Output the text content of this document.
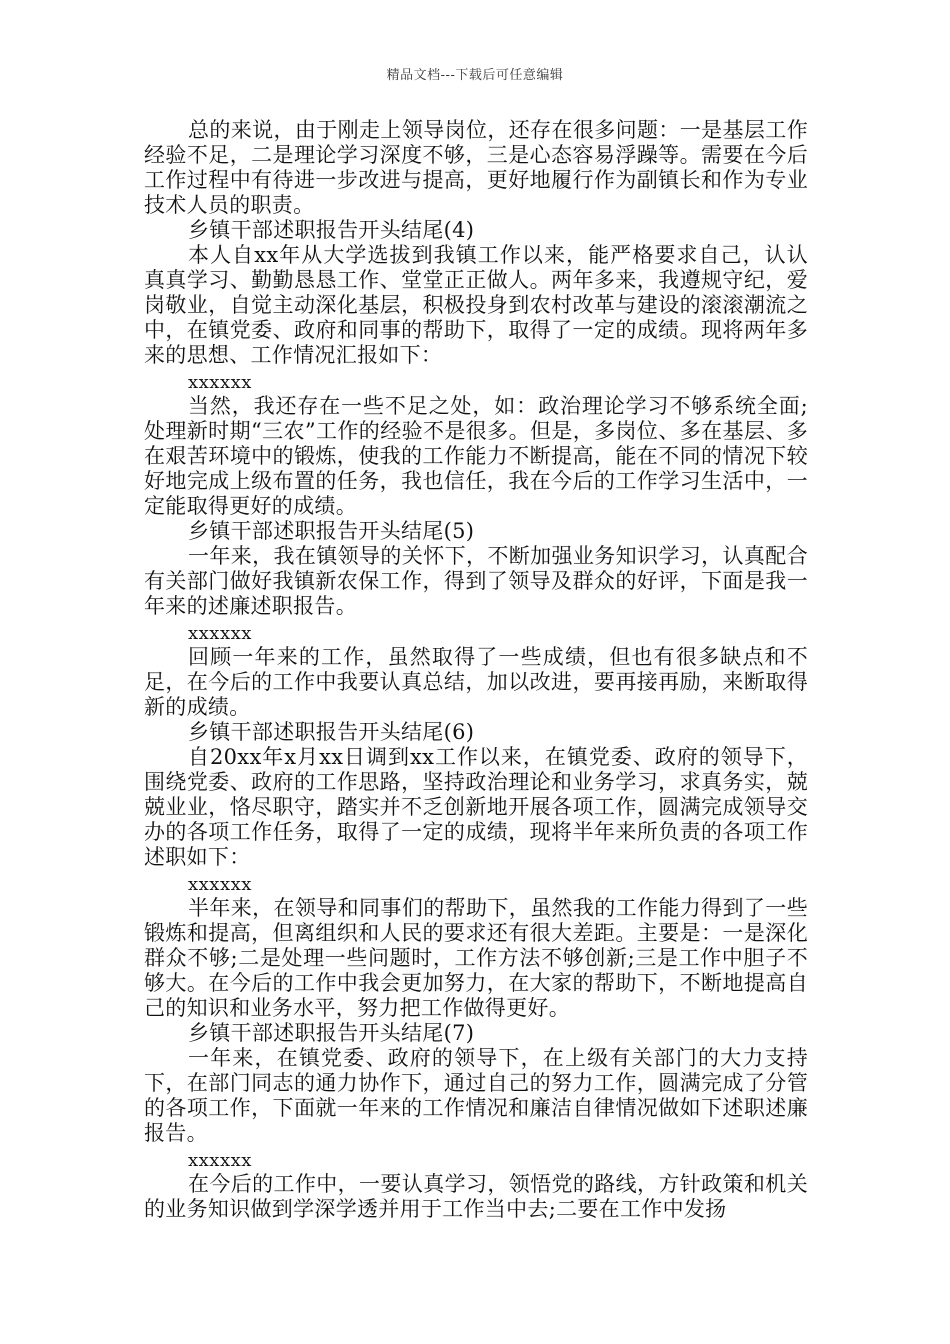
精品文档---下载后可任意编辑

总的来说，由于刚走上领导岗位，还存在很多问题：一是基层工作经验不足，二是理论学习深度不够，三是心态容易浮躁等。需要在今后工作过程中有待进一步改进与提高，更好地履行作为副镇长和作为专业技术人员的职责。

乡镇干部述职报告开头结尾(4)

本人自xx年从大学选拔到我镇工作以来，能严格要求自己，认认真真学习、勤勤恳恳工作、堂堂正正做人。两年多来，我遵规守纪，爱岗敬业，自觉主动深化基层，积极投身到农村改革与建设的滚滚潮流之中，在镇党委、政府和同事的帮助下，取得了一定的成绩。现将两年多来的思想、工作情况汇报如下：

xxxxxx

当然，我还存在一些不足之处，如：政治理论学习不够系统全面;处理新时期“三农”工作的经验不是很多。但是，多岗位、多在基层、多在艰苦环境中的锻炼，使我的工作能力不断提高，能在不同的情况下较好地完成上级布置的任务，我也信任，我在今后的工作学习生活中，一定能取得更好的成绩。

乡镇干部述职报告开头结尾(5)

一年来，我在镇领导的关怀下，不断加强业务知识学习，认真配合有关部门做好我镇新农保工作，得到了领导及群众的好评，下面是我一年来的述廉述职报告。

xxxxxx

回顾一年来的工作，虽然取得了一些成绩，但也有很多缺点和不足，在今后的工作中我要认真总结，加以改进，要再接再励，来断取得新的成绩。

乡镇干部述职报告开头结尾(6)

自20xx年x月xx日调到xx工作以来，在镇党委、政府的领导下，围绕党委、政府的工作思路，坚持政治理论和业务学习，求真务实，兢兢业业，恪尽职守，踏实并不乏创新地开展各项工作，圆满完成领导交办的各项工作任务，取得了一定的成绩，现将半年来所负责的各项工作述职如下：

xxxxxx

半年来，在领导和同事们的帮助下，虽然我的工作能力得到了一些锻炼和提高，但离组织和人民的要求还有很大差距。主要是：一是深化群众不够;二是处理一些问题时，工作方法不够创新;三是工作中胆子不够大。在今后的工作中我会更加努力，在大家的帮助下，不断地提高自己的知识和业务水平，努力把工作做得更好。

乡镇干部述职报告开头结尾(7)

一年来，在镇党委、政府的领导下，在上级有关部门的大力支持下，在部门同志的通力协作下，通过自己的努力工作，圆满完成了分管的各项工作，下面就一年来的工作情况和廉洁自律情况做如下述职述廉报告。

xxxxxx

在今后的工作中，一要认真学习，领悟党的路线，方针政策和机关的业务知识做到学深学透并用于工作当中去;二要在工作中发扬
